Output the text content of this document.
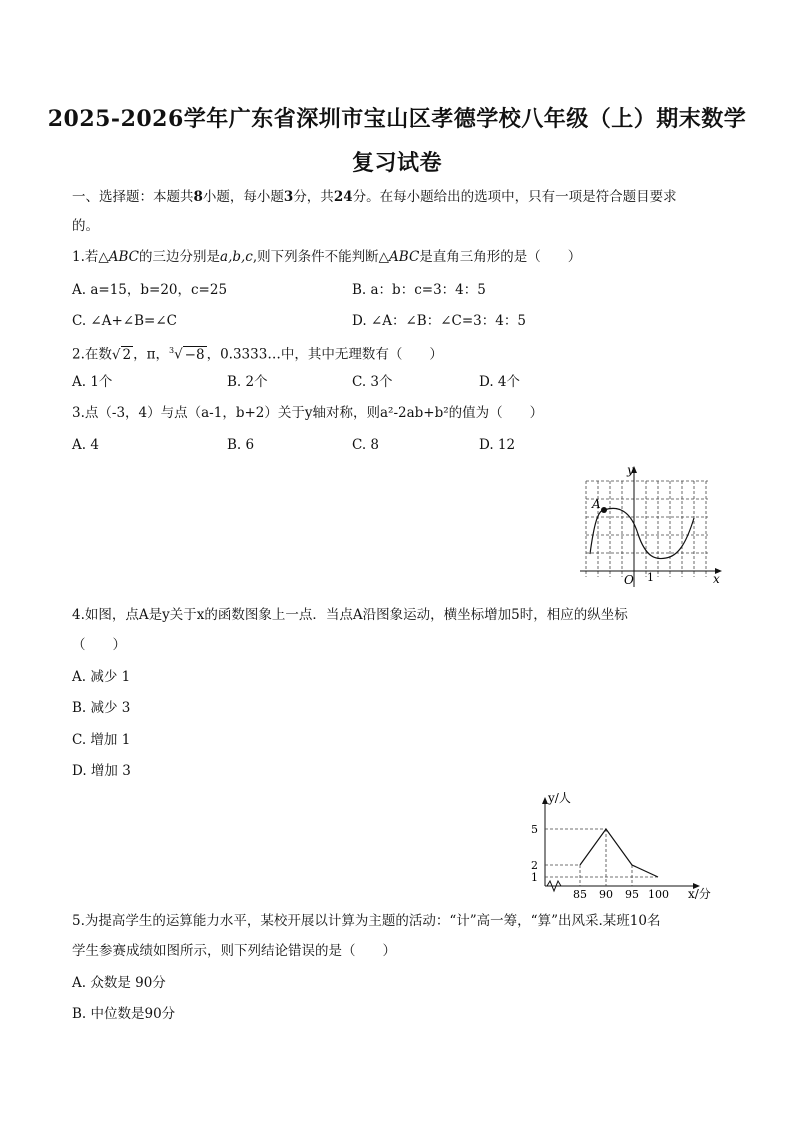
2025-2026学年广东省深圳市宝山区孝德学校八年级（上）期末数学
复习试卷
一、选择题：本题共8小题，每小题3分，共24分。在每小题给出的选项中，只有一项是符合题目要求
的。
1.若△ABC的三边分别是a,b,c,则下列条件不能判断△ABC是直角三角形的是（　　）
A. a=15，b=20，c=25	B. a：b：c=3：4：5
C. ∠A+∠B=∠C	D. ∠A：∠B：∠C=3：4：5
2.在数√ 2 ，π，$^3$√ −8 ，0.3333…中，其中无理数有（　　）
A. 1个	B. 2个	C. 3个	D. 4个
3.点（-3，4）与点（a-1，b+2）关于y轴对称，则a²-2ab+b²的值为（　　）
A. 4	B. 6	C. 8	D. 12
A
y
x
O 1
4.如图，点A是y关于x的函数图象上一点．当点A沿图象运动，横坐标增加5时，相应的纵坐标
（　　）
A. 减少 1
B. 减少 3
C. 增加 1
D. 增加 3
y/人
x/分
5
2
1
85 90 95 100
5.为提高学生的运算能力水平，某校开展以计算为主题的活动：“计”高一筹，“算”出风采.某班10名
学生参赛成绩如图所示，则下列结论错误的是（　　）
A. 众数是 90分
B. 中位数是90分
